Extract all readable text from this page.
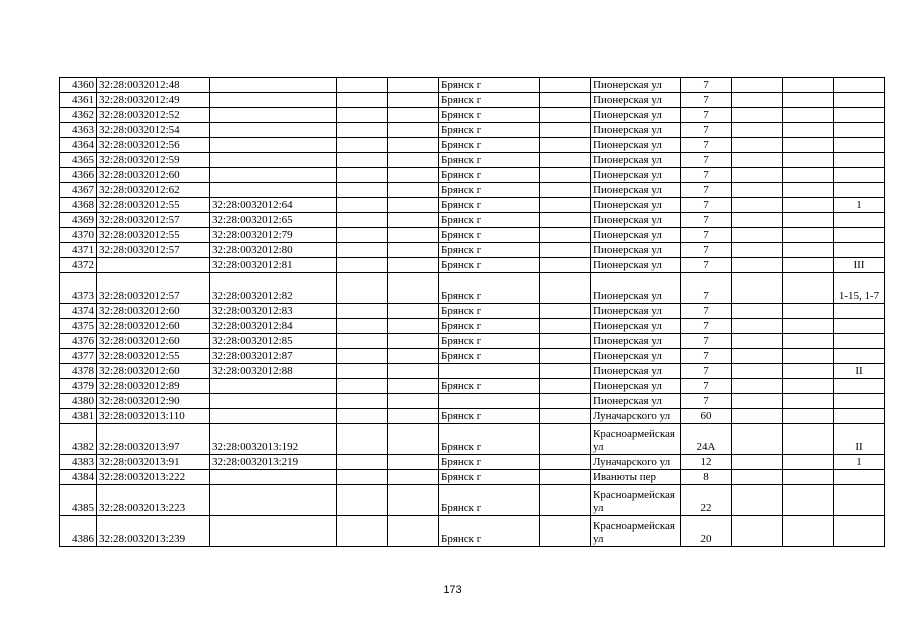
4360	32:28:0032012:48				Брянск г		Пионерская ул	7			
4361	32:28:0032012:49				Брянск г		Пионерская ул	7			
4362	32:28:0032012:52				Брянск г		Пионерская ул	7			
4363	32:28:0032012:54				Брянск г		Пионерская ул	7			
4364	32:28:0032012:56				Брянск г		Пионерская ул	7			
4365	32:28:0032012:59				Брянск г		Пионерская ул	7			
4366	32:28:0032012:60				Брянск г		Пионерская ул	7			
4367	32:28:0032012:62				Брянск г		Пионерская ул	7			
4368	32:28:0032012:55	32:28:0032012:64			Брянск г		Пионерская ул	7			1
4369	32:28:0032012:57	32:28:0032012:65			Брянск г		Пионерская ул	7			
4370	32:28:0032012:55	32:28:0032012:79			Брянск г		Пионерская ул	7			
4371	32:28:0032012:57	32:28:0032012:80			Брянск г		Пионерская ул	7			
4372		32:28:0032012:81			Брянск г		Пионерская ул	7			III
4373	32:28:0032012:57	32:28:0032012:82			Брянск г		Пионерская ул	7			1-15, 1-7
4374	32:28:0032012:60	32:28:0032012:83			Брянск г		Пионерская ул	7			
4375	32:28:0032012:60	32:28:0032012:84			Брянск г		Пионерская ул	7			
4376	32:28:0032012:60	32:28:0032012:85			Брянск г		Пионерская ул	7			
4377	32:28:0032012:55	32:28:0032012:87			Брянск г		Пионерская ул	7			
4378	32:28:0032012:60	32:28:0032012:88					Пионерская ул	7			II
4379	32:28:0032012:89				Брянск г		Пионерская ул	7			
4380	32:28:0032012:90						Пионерская ул	7			
4381	32:28:0032013:110				Брянск г		Луначарского ул	60			
4382	32:28:0032013:97	32:28:0032013:192			Брянск г		Красноармейская ул	24А			II
4383	32:28:0032013:91	32:28:0032013:219			Брянск г		Луначарского ул	12			1
4384	32:28:0032013:222				Брянск г		Иванюты пер	8			
4385	32:28:0032013:223				Брянск г		Красноармейская ул	22			
4386	32:28:0032013:239				Брянск г		Красноармейская ул	20			
173
